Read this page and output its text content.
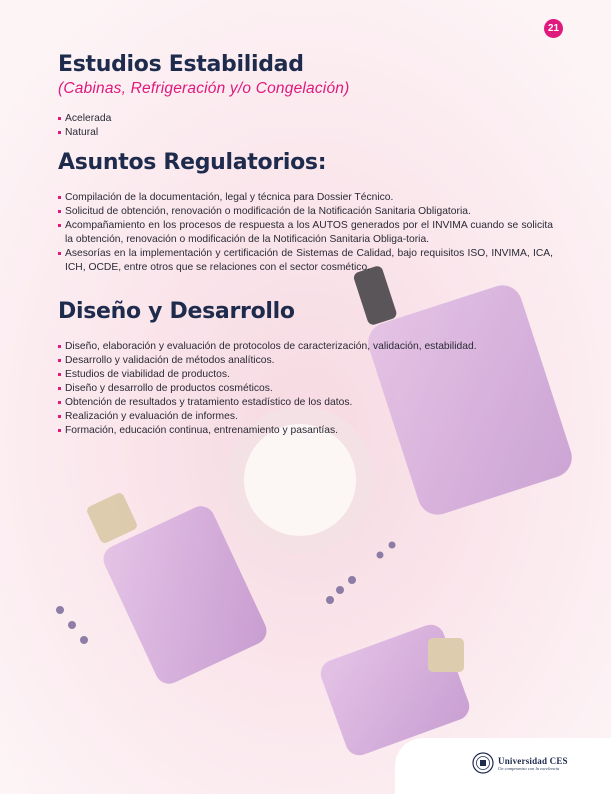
21
Estudios Estabilidad
(Cabinas, Refrigeración y/o Congelación)
Acelerada
Natural
Asuntos Regulatorios:
Compilación de la documentación, legal y técnica para Dossier Técnico.
Solicitud de obtención, renovación o modificación de la Notificación Sanitaria Obligatoria.
Acompañamiento en los procesos de respuesta a los AUTOS generados por el INVIMA cuando se solicita la obtención, renovación o modificación de la Notificación Sanitaria Obliga-toria.
Asesorías en la implementación y certificación de Sistemas de Calidad, bajo requisitos ISO, INVIMA, ICA, ICH, OCDE, entre otros que se relaciones con el sector cosmético.
Diseño y Desarrollo
Diseño, elaboración y evaluación de protocolos de caracterización, validación, estabilidad.
Desarrollo y validación de métodos analíticos.
Estudios de viabilidad de productos.
Diseño y desarrollo de productos cosméticos.
Obtención de resultados y tratamiento estadístico de los datos.
Realización y evaluación de informes.
Formación, educación continua, entrenamiento y pasantías.
Universidad CES
Un compromiso con la excelencia
